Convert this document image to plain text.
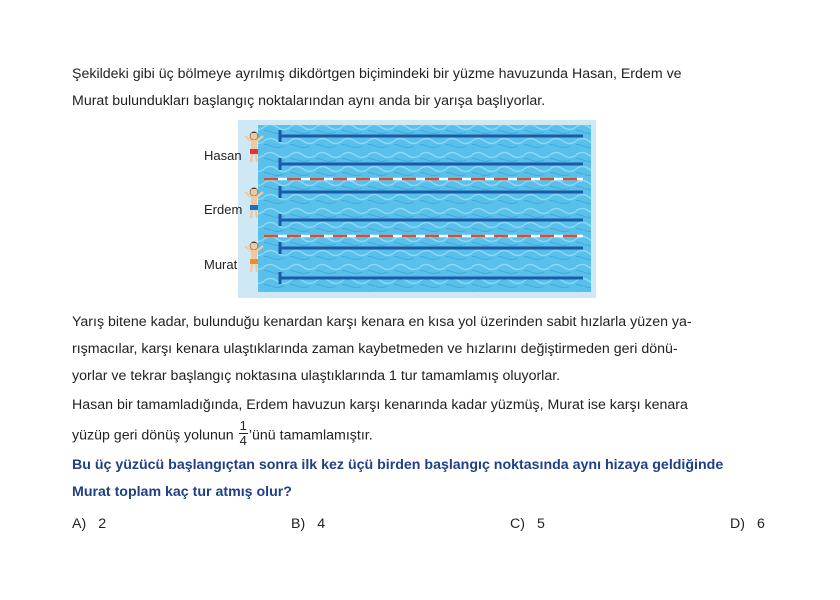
Şekildeki gibi üç bölmeye ayrılmış dikdörtgen biçimindeki bir yüzme havuzunda Hasan, Erdem ve
Murat bulundukları başlangıç noktalarından aynı anda bir yarışa başlıyorlar.
Hasan
Erdem
Murat
Yarış bitene kadar, bulunduğu kenardan karşı kenara en kısa yol üzerinden sabit hızlarla yüzen ya-
rışmacılar, karşı kenara ulaştıklarında zaman kaybetmeden ve hızlarını değiştirmeden geri dönü-
yorlar ve tekrar başlangıç noktasına ulaştıklarında 1 tur tamamlamış oluyorlar.
Hasan bir tamamladığında, Erdem havuzun karşı kenarında kadar yüzmüş, Murat ise karşı kenara
yüzüp geri dönüş yolunun $\frac{1}{4}$ ’ünü tamamlamıştır.
Bu üç yüzücü başlangıçtan sonra ilk kez üçü birden başlangıç noktasında aynı hizaya geldiğinde
Murat toplam kaç tur atmış olur?
A) 2	B) 4	C) 5	D) 6
